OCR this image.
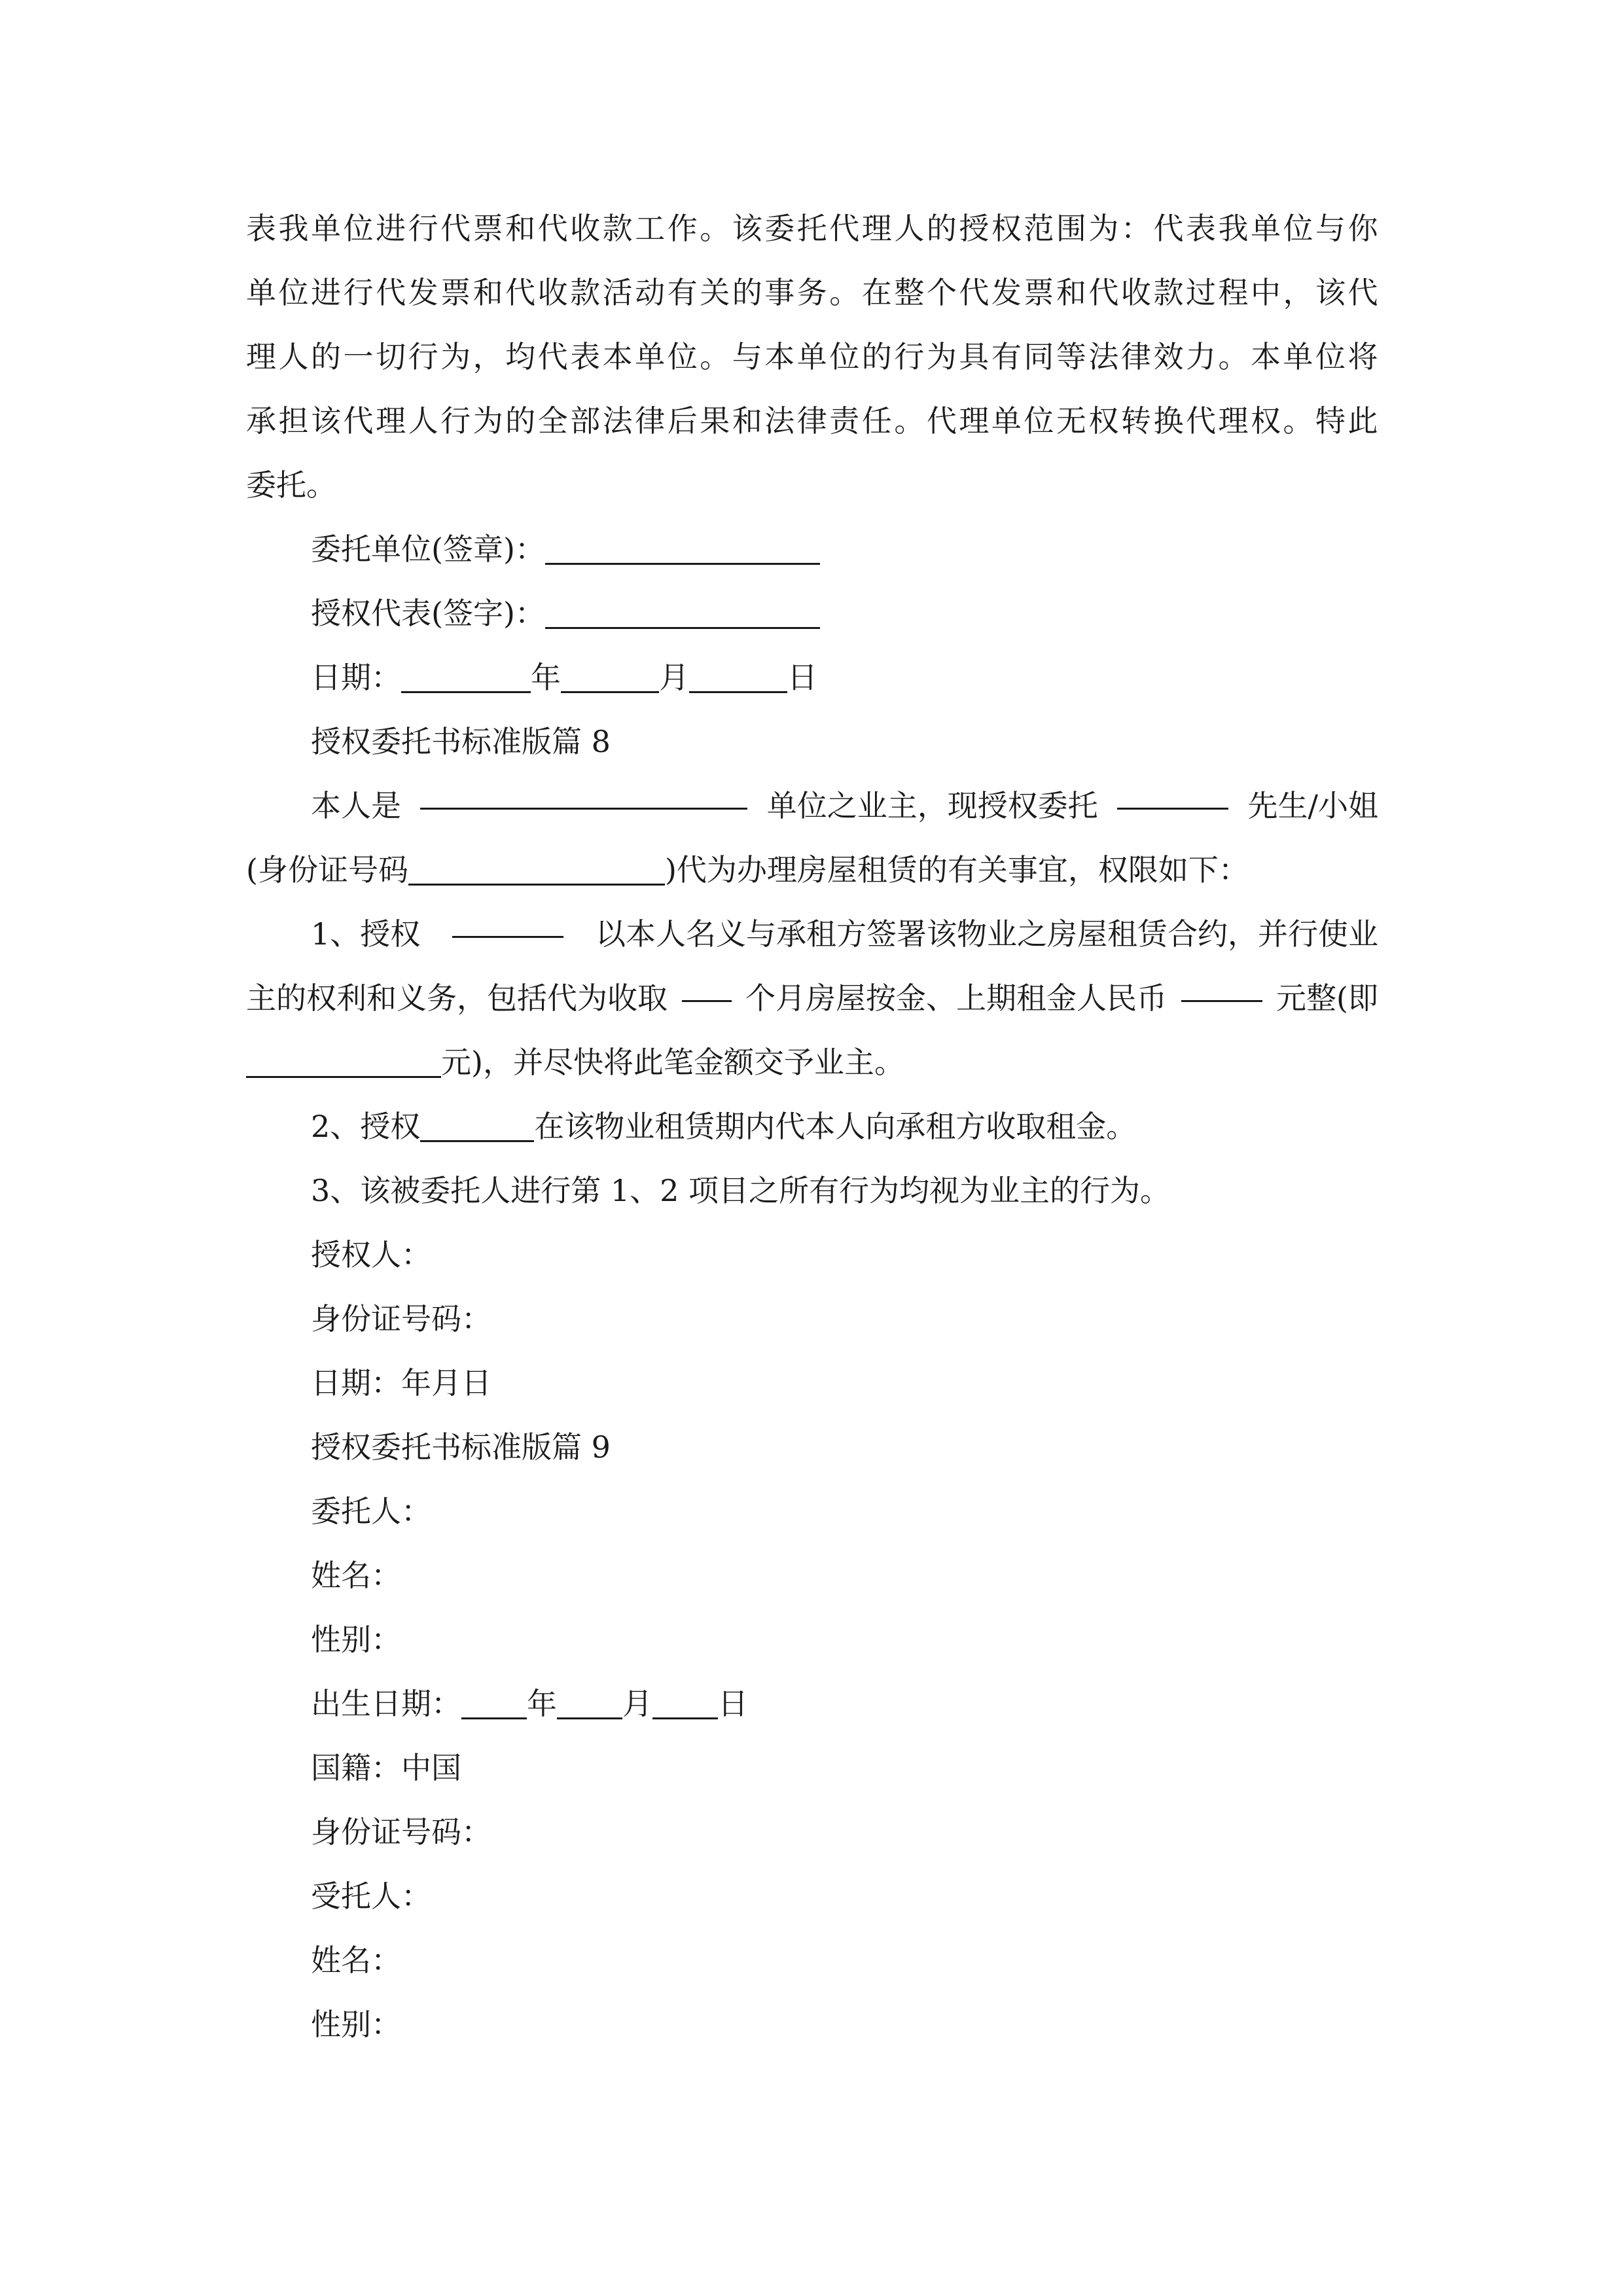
表 我 单 位 进 行 代 票 和 代 收 款 工 作 。 该 委 托 代 理 人 的 授 权 范 围 为 ： 代 表 我 单 位 与 你
单 位 进 行 代 发 票 和 代 收 款 活 动 有 关 的 事 务 。 在 整 个 代 发 票 和 代 收 款 过 程 中 ， 该 代
理 人 的 一 切 行 为 ， 均 代 表 本 单 位 。 与 本 单 位 的 行 为 具 有 同 等 法 律 效 力 。 本 单 位 将
承 担 该 代 理 人 行 为 的 全 部 法 律 后 果 和 法 律 责 任 。 代 理 单 位 无 权 转 换 代 理 权 。 特 此
委托。
委托单位(签章)：
授权代表(签字)：
日期：	年	月	日
授权委托书标准版篇 8
本人是	单位之业主，现授权委托	先生/小姐
(身份证号码	)代为办理房屋租赁的有关事宜，权限如下：
1、授权	以本人名义与承租方签署该物业之房屋租赁合约，并行使业
主的权利和义务，包括代为收取	个月房屋按金、上期租金人民币	元整(即
元)，并尽快将此笔金额交予业主。
2、授权	在该物业租赁期内代本人向承租方收取租金。
3、该被委托人进行第 1、2 项目之所有行为均视为业主的行为。
授权人：
身份证号码：
日期：年月日
授权委托书标准版篇 9
委托人：
姓名：
性别：
出生日期： 年 月 日
国籍：中国
身份证号码：
受托人：
姓名：
性别：
